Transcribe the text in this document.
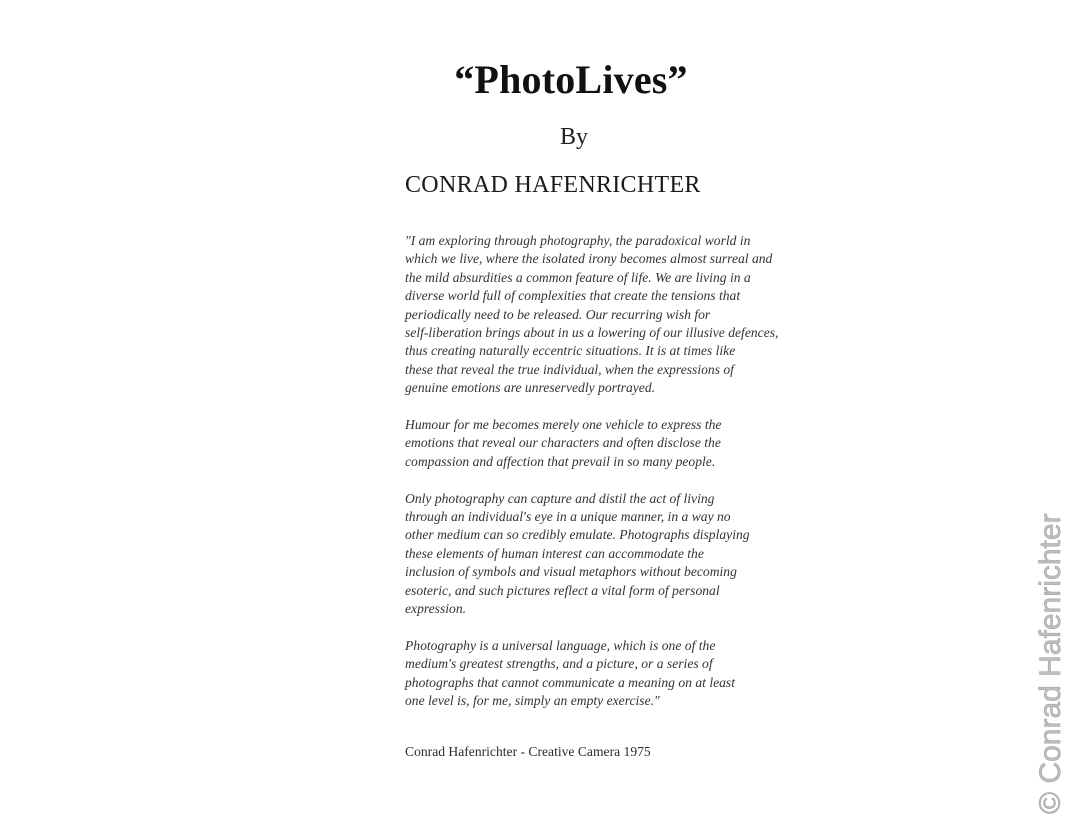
“PhotoLives”
By
CONRAD HAFENRICHTER

"I am exploring through photography, the paradoxical world in
which we live, where the isolated irony becomes almost surreal and
the mild absurdities a common feature of life. We are living in a
diverse world full of complexities that create the tensions that
periodically need to be released. Our recurring wish for
self-liberation brings about in us a lowering of our illusive defences,
thus creating naturally eccentric situations. It is at times like
these that reveal the true individual, when the expressions of
genuine emotions are unreservedly portrayed.

Humour for me becomes merely one vehicle to express the
emotions that reveal our characters and often disclose the
compassion and affection that prevail in so many people.

Only photography can capture and distil the act of living
through an individual's eye in a unique manner, in a way no
other medium can so credibly emulate. Photographs displaying
these elements of human interest can accommodate the
inclusion of symbols and visual metaphors without becoming
esoteric, and such pictures reflect a vital form of personal
expression.

Photography is a universal language, which is one of the
medium's greatest strengths, and a picture, or a series of
photographs that cannot communicate a meaning on at least
one level is, for me, simply an empty exercise."

Conrad Hafenrichter - Creative Camera 1975	© Conrad Hafenrichter
